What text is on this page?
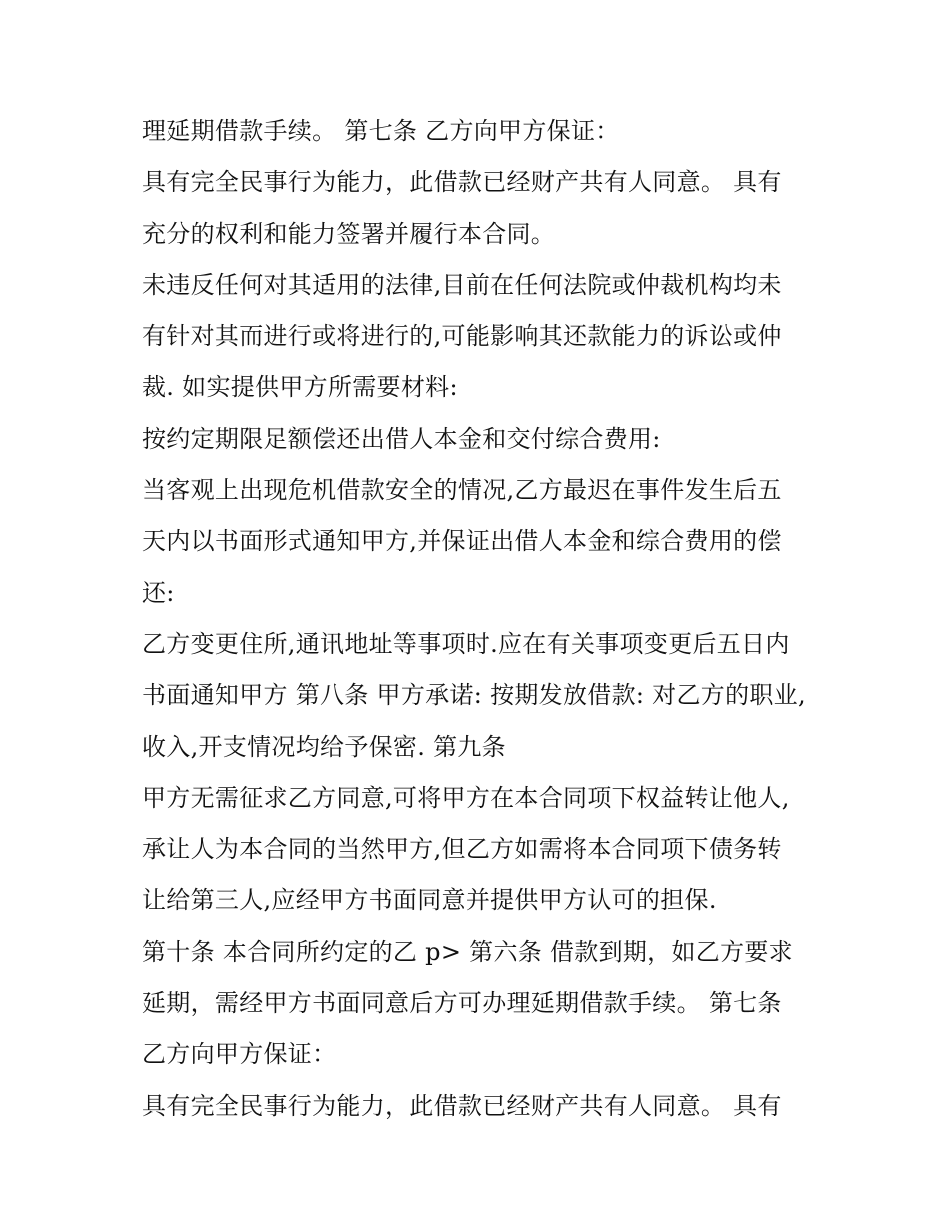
理延期借款手续。 第七条 乙方向甲方保证：
具有完全民事行为能力，此借款已经财产共有人同意。 具有
充分的权利和能力签署并履行本合同。
未违反任何对其适用的法律,目前在任何法院或仲裁机构均未
有针对其而进行或将进行的,可能影响其还款能力的诉讼或仲
裁. 如实提供甲方所需要材料:
按约定期限足额偿还出借人本金和交付综合费用:
当客观上出现危机借款安全的情况,乙方最迟在事件发生后五
天内以书面形式通知甲方,并保证出借人本金和综合费用的偿
还:
乙方变更住所,通讯地址等事项时.应在有关事项变更后五日内
书面通知甲方 第八条 甲方承诺: 按期发放借款: 对乙方的职业,
收入,开支情况均给予保密. 第九条
甲方无需征求乙方同意,可将甲方在本合同项下权益转让他人,
承让人为本合同的当然甲方,但乙方如需将本合同项下债务转
让给第三人,应经甲方书面同意并提供甲方认可的担保.
第十条 本合同所约定的乙 p> 第六条 借款到期，如乙方要求
延期，需经甲方书面同意后方可办理延期借款手续。 第七条
乙方向甲方保证：
具有完全民事行为能力，此借款已经财产共有人同意。 具有
